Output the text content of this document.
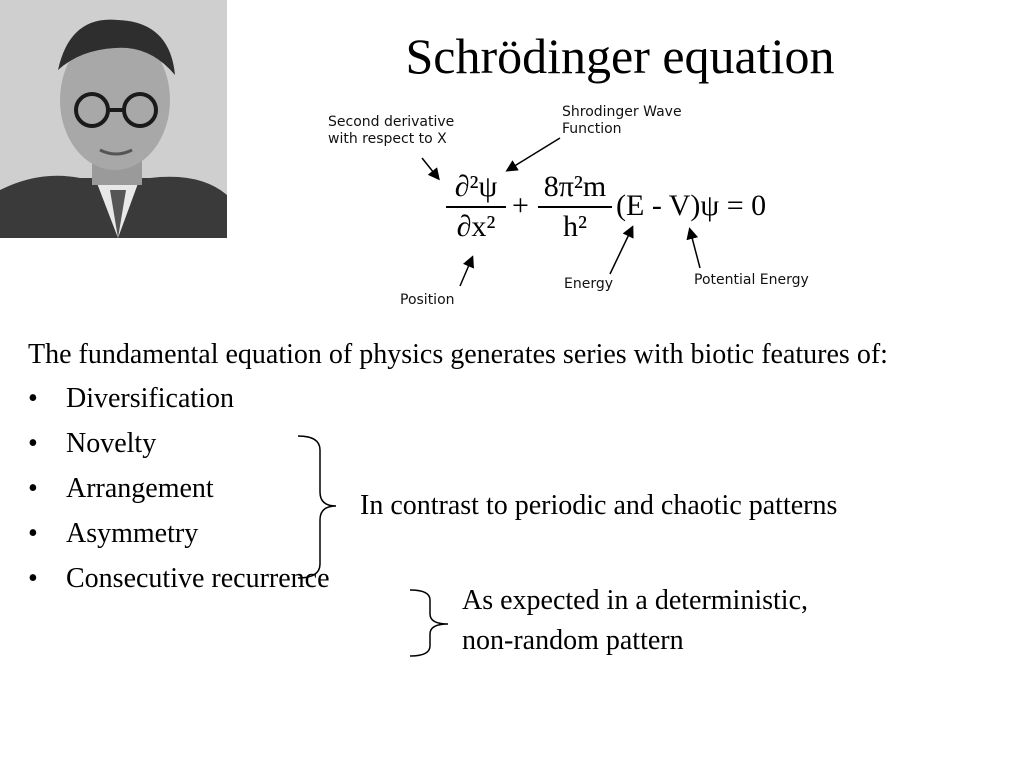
Schrödinger equation
Second derivative
with respect to X
Shrodinger Wave
Function
Position
Energy	Potential Energy
∂²ψ
∂x²
+
8π²m
h²
(E - V)ψ = 0

The fundamental equation of physics generates series with biotic features of:

• Diversification
• Novelty
• Arrangement
• Asymmetry
• Consecutive recurrence
In contrast to periodic and chaotic patterns
As expected in a deterministic,
non-random pattern
